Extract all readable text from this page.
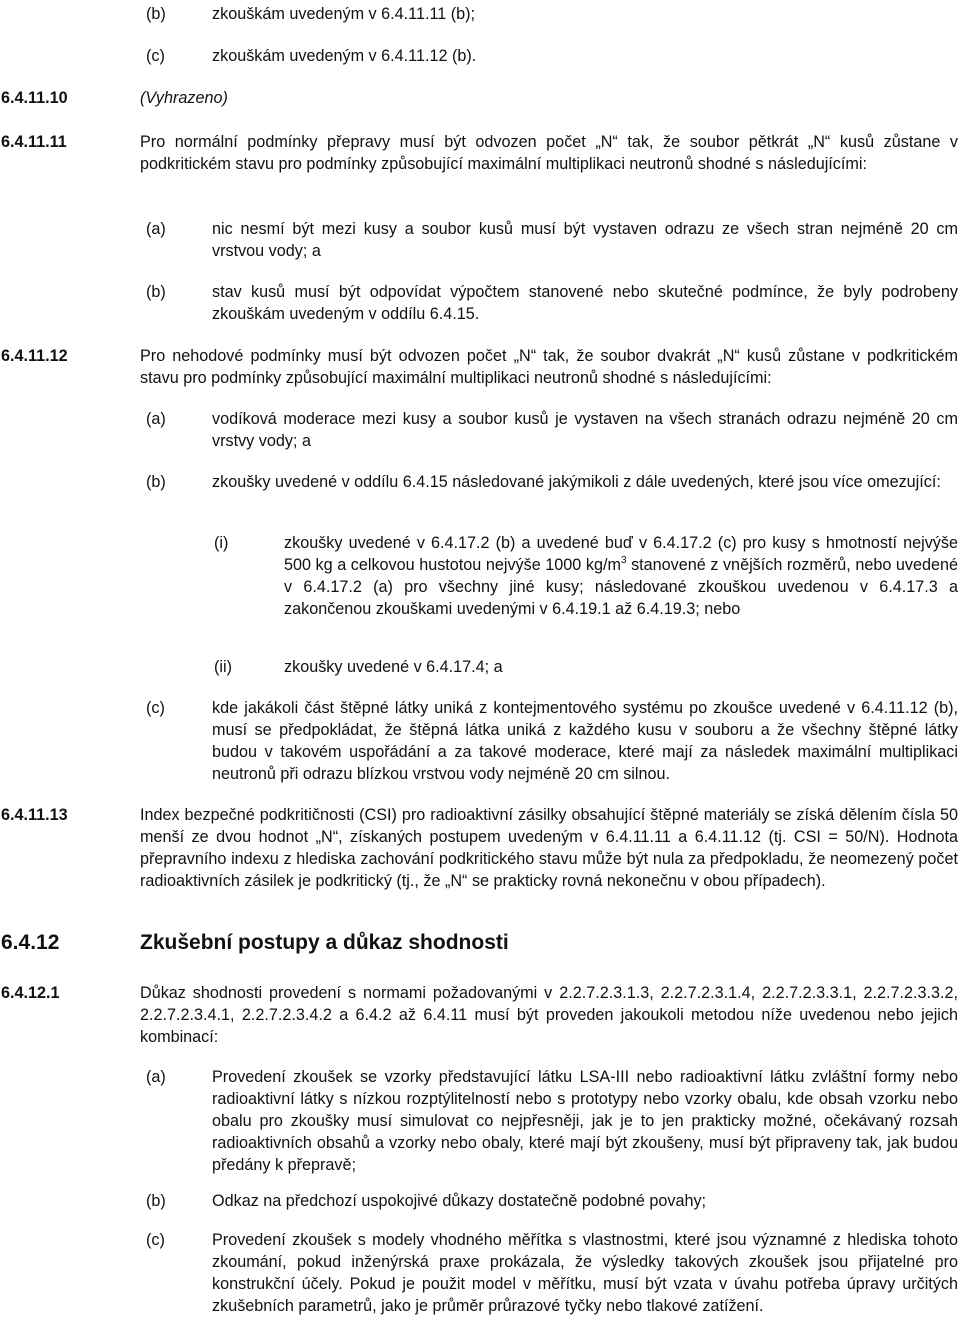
(b)	zkouškám uvedeným v 6.4.11.11 (b);
(c)	zkouškám uvedeným v 6.4.11.12 (b).
6.4.11.10	(Vyhrazeno)
6.4.11.11	Pro normální podmínky přepravy musí být odvozen počet „N“ tak, že soubor pětkrát „N“ kusů zůstane v podkritickém stavu pro podmínky způsobující maximální multiplikaci neutronů shodné s následujícími:
(a)	nic nesmí být mezi kusy a soubor kusů musí být vystaven odrazu ze všech stran nejméně 20 cm vrstvou vody; a
(b)	stav kusů musí být odpovídat výpočtem stanovené nebo skutečné podmínce, že byly podrobeny zkouškám uvedeným v oddílu 6.4.15.
6.4.11.12	Pro nehodové podmínky musí být odvozen počet „N“ tak, že soubor dvakrát „N“ kusů zůstane v podkritickém stavu pro podmínky způsobující maximální multiplikaci neutronů shodné s následujícími:
(a)	vodíková moderace mezi kusy a soubor kusů je vystaven na všech stranách odrazu nejméně 20 cm vrstvy vody; a
(b)	zkoušky uvedené v oddílu 6.4.15 následované jakýmikoli z dále uvedených, které jsou více omezující:
(i)	zkoušky uvedené v 6.4.17.2 (b) a uvedené buď v 6.4.17.2 (c) pro kusy s hmotností nejvýše 500 kg a celkovou hustotou nejvýše 1000 $kg/m^3$ stanovené z vnějších rozměrů, nebo uvedené v 6.4.17.2 (a) pro všechny jiné kusy; následované zkouškou uvedenou v 6.4.17.3 a zakončenou zkouškami uvedenými v 6.4.19.1 až 6.4.19.3; nebo
(ii)	zkoušky uvedené v 6.4.17.4; a
(c)	kde jakákoli část štěpné látky uniká z kontejmentového systému po zkoušce uvedené v 6.4.11.12 (b), musí se předpokládat, že štěpná látka uniká z každého kusu v souboru a že všechny štěpné látky budou v takovém uspořádání a za takové moderace, které mají za následek maximální multiplikaci neutronů při odrazu blízkou vrstvou vody nejméně 20 cm silnou.
6.4.11.13	Index bezpečné podkritičnosti (CSI) pro radioaktivní zásilky obsahující štěpné materiály se získá dělením čísla 50 menší ze dvou hodnot „N“, získaných postupem uvedeným v 6.4.11.11 a 6.4.11.12 (tj. CSI = 50/N). Hodnota přepravního indexu z hlediska zachování podkritického stavu může být nula za předpokladu, že neomezený počet radioaktivních zásilek je podkritický (tj., že „N“ se prakticky rovná nekonečnu v obou případech).
6.4.12	Zkušební postupy a důkaz shodnosti
6.4.12.1	Důkaz shodnosti provedení s normami požadovanými v 2.2.7.2.3.1.3, 2.2.7.2.3.1.4, 2.2.7.2.3.3.1, 2.2.7.2.3.3.2, 2.2.7.2.3.4.1, 2.2.7.2.3.4.2 a 6.4.2 až 6.4.11 musí být proveden jakoukoli metodou níže uvedenou nebo jejich kombinací:
(a)	Provedení zkoušek se vzorky představující látku LSA-III nebo radioaktivní látku zvláštní formy nebo radioaktivní látky s nízkou rozptýlitelností nebo s prototypy nebo vzorky obalu, kde obsah vzorku nebo obalu pro zkoušky musí simulovat co nejpřesněji, jak je to jen prakticky možné, očekávaný rozsah radioaktivních obsahů a vzorky nebo obaly, které mají být zkoušeny, musí být připraveny tak, jak budou předány k přepravě;
(b)	Odkaz na předchozí uspokojivé důkazy dostatečně podobné povahy;
(c)	Provedení zkoušek s modely vhodného měřítka s vlastnostmi, které jsou významné z hlediska tohoto zkoumání, pokud inženýrská praxe prokázala, že výsledky takových zkoušek jsou přijatelné pro konstrukční účely. Pokud je použit model v měřítku, musí být vzata v úvahu potřeba úpravy určitých zkušebních parametrů, jako je průměr průrazové tyčky nebo tlakové zatížení.
